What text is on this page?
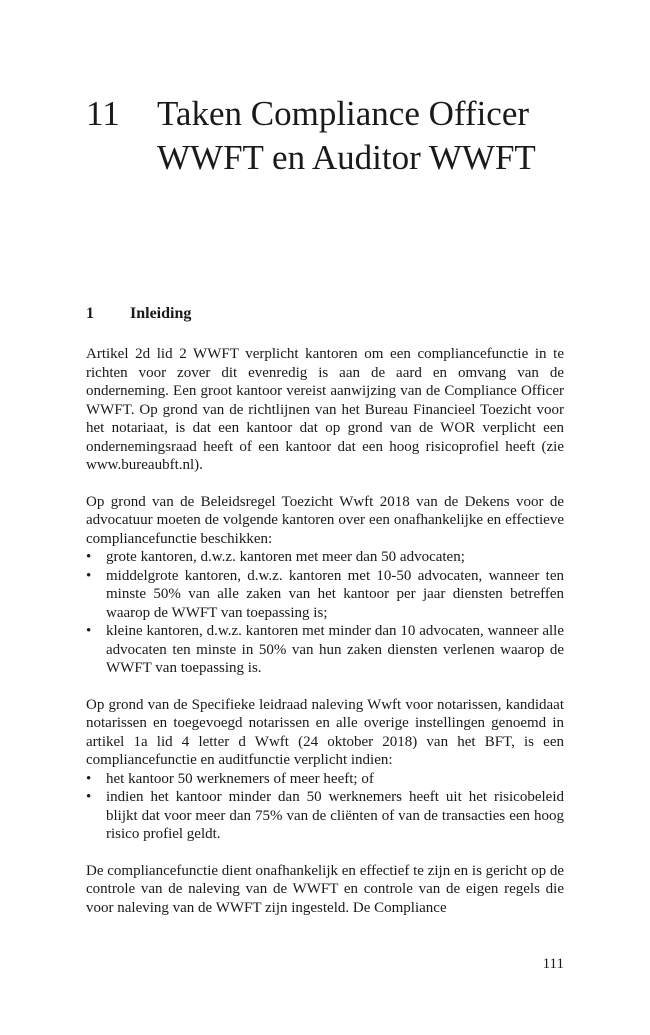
11 Taken Compliance Officer
WWFT en Auditor WWFT
1 Inleiding

Artikel 2d lid 2 WWFT verplicht kantoren om een compliancefunctie in te richten voor zover dit evenredig is aan de aard en omvang van de onderneming. Een groot kantoor vereist aanwijzing van de Compliance Officer WWFT. Op grond van de richtlijnen van het Bureau Financieel Toezicht voor het notariaat, is dat een kantoor dat op grond van de WOR verplicht een ondernemingsraad heeft of een kantoor dat een hoog risicoprofiel heeft (zie www.bureaubft.nl).

Op grond van de Beleidsregel Toezicht Wwft 2018 van de Dekens voor de advocatuur moeten de volgende kantoren over een onafhankelijke en effectieve compliancefunctie beschikken:

• grote kantoren, d.w.z. kantoren met meer dan 50 advocaten;
• middelgrote kantoren, d.w.z. kantoren met 10-50 advocaten, wanneer ten minste 50% van alle zaken van het kantoor per jaar diensten betreffen waarop de WWFT van toepassing is;
• kleine kantoren, d.w.z. kantoren met minder dan 10 advocaten, wanneer alle advocaten ten minste in 50% van hun zaken diensten verlenen waarop de WWFT van toepassing is.

Op grond van de Specifieke leidraad naleving Wwft voor notarissen, kandidaat notarissen en toegevoegd notarissen en alle overige instellingen genoemd in artikel 1a lid 4 letter d Wwft (24 oktober 2018) van het BFT, is een compliancefunctie en auditfunctie verplicht indien:

• het kantoor 50 werknemers of meer heeft; of
• indien het kantoor minder dan 50 werknemers heeft uit het risicobeleid blijkt dat voor meer dan 75% van de cliënten of van de transacties een hoog risico profiel geldt.

De compliancefunctie dient onafhankelijk en effectief te zijn en is gericht op de controle van de naleving van de WWFT en controle van de eigen regels die voor naleving van de WWFT zijn ingesteld. De Compliance

111
